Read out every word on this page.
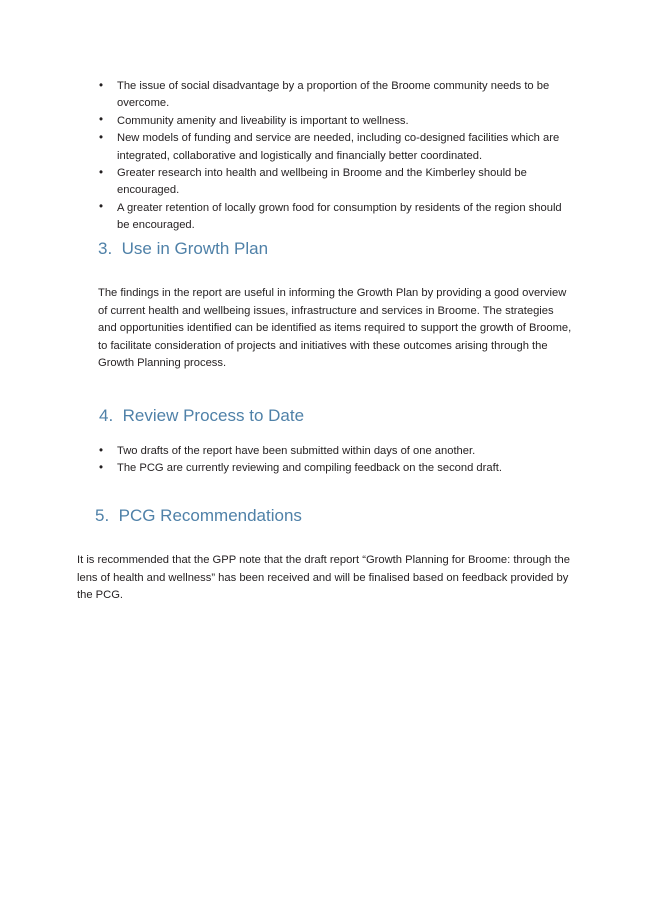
• The issue of social disadvantage by a proportion of the Broome community needs to be overcome.
• Community amenity and liveability is important to wellness.
• New models of funding and service are needed, including co-designed facilities which are integrated, collaborative and logistically and financially better coordinated.
• Greater research into health and wellbeing in Broome and the Kimberley should be encouraged.
• A greater retention of locally grown food for consumption by residents of the region should be encouraged.
3.  Use in Growth Plan

The findings in the report are useful in informing the Growth Plan by providing a good overview of current health and wellbeing issues, infrastructure and services in Broome. The strategies and opportunities identified can be identified as items required to support the growth of Broome, to facilitate consideration of projects and initiatives with these outcomes arising through the Growth Planning process.

4.  Review Process to Date
• Two drafts of the report have been submitted within days of one another.
• The PCG are currently reviewing and compiling feedback on the second draft.
5.  PCG Recommendations

It is recommended that the GPP note that the draft report “Growth Planning for Broome: through the lens of health and wellness” has been received and will be finalised based on feedback provided by the PCG.
